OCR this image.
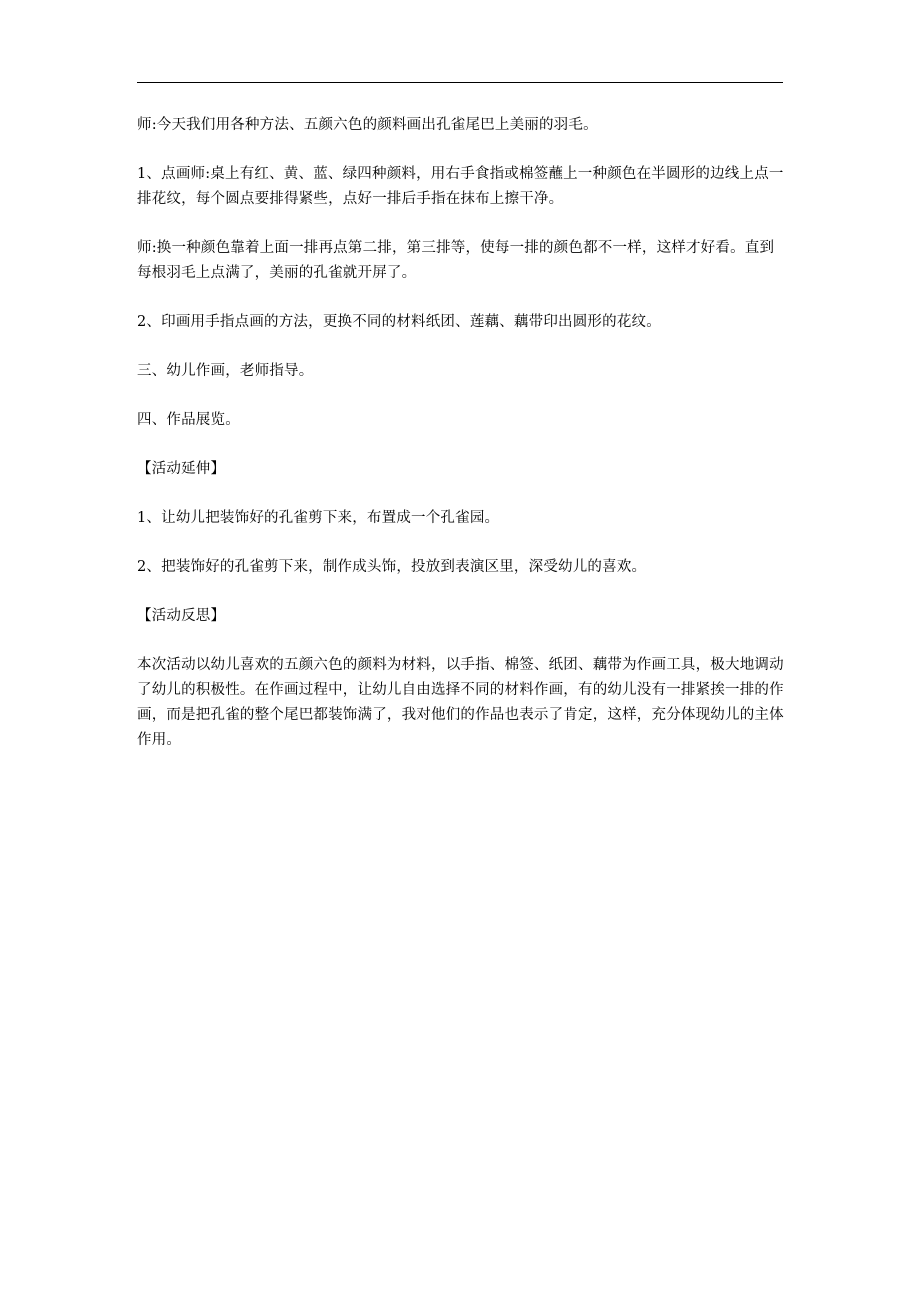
师:今天我们用各种方法、五颜六色的颜料画出孔雀尾巴上美丽的羽毛。

1、点画师:桌上有红、黄、蓝、绿四种颜料，用右手食指或棉签蘸上一种颜色在半圆形的边线上点一排花纹，每个圆点要排得紧些，点好一排后手指在抹布上擦干净。

师:换一种颜色靠着上面一排再点第二排，第三排等，使每一排的颜色都不一样，这样才好看。直到每根羽毛上点满了，美丽的孔雀就开屏了。

2、印画用手指点画的方法，更换不同的材料纸团、莲藕、藕带印出圆形的花纹。

三、幼儿作画，老师指导。

四、作品展览。

【活动延伸】

1、让幼儿把装饰好的孔雀剪下来，布置成一个孔雀园。

2、把装饰好的孔雀剪下来，制作成头饰，投放到表演区里，深受幼儿的喜欢。

【活动反思】

本次活动以幼儿喜欢的五颜六色的颜料为材料，以手指、棉签、纸团、藕带为作画工具，极大地调动了幼儿的积极性。在作画过程中，让幼儿自由选择不同的材料作画，有的幼儿没有一排紧挨一排的作画，而是把孔雀的整个尾巴都装饰满了，我对他们的作品也表示了肯定，这样，充分体现幼儿的主体作用。
